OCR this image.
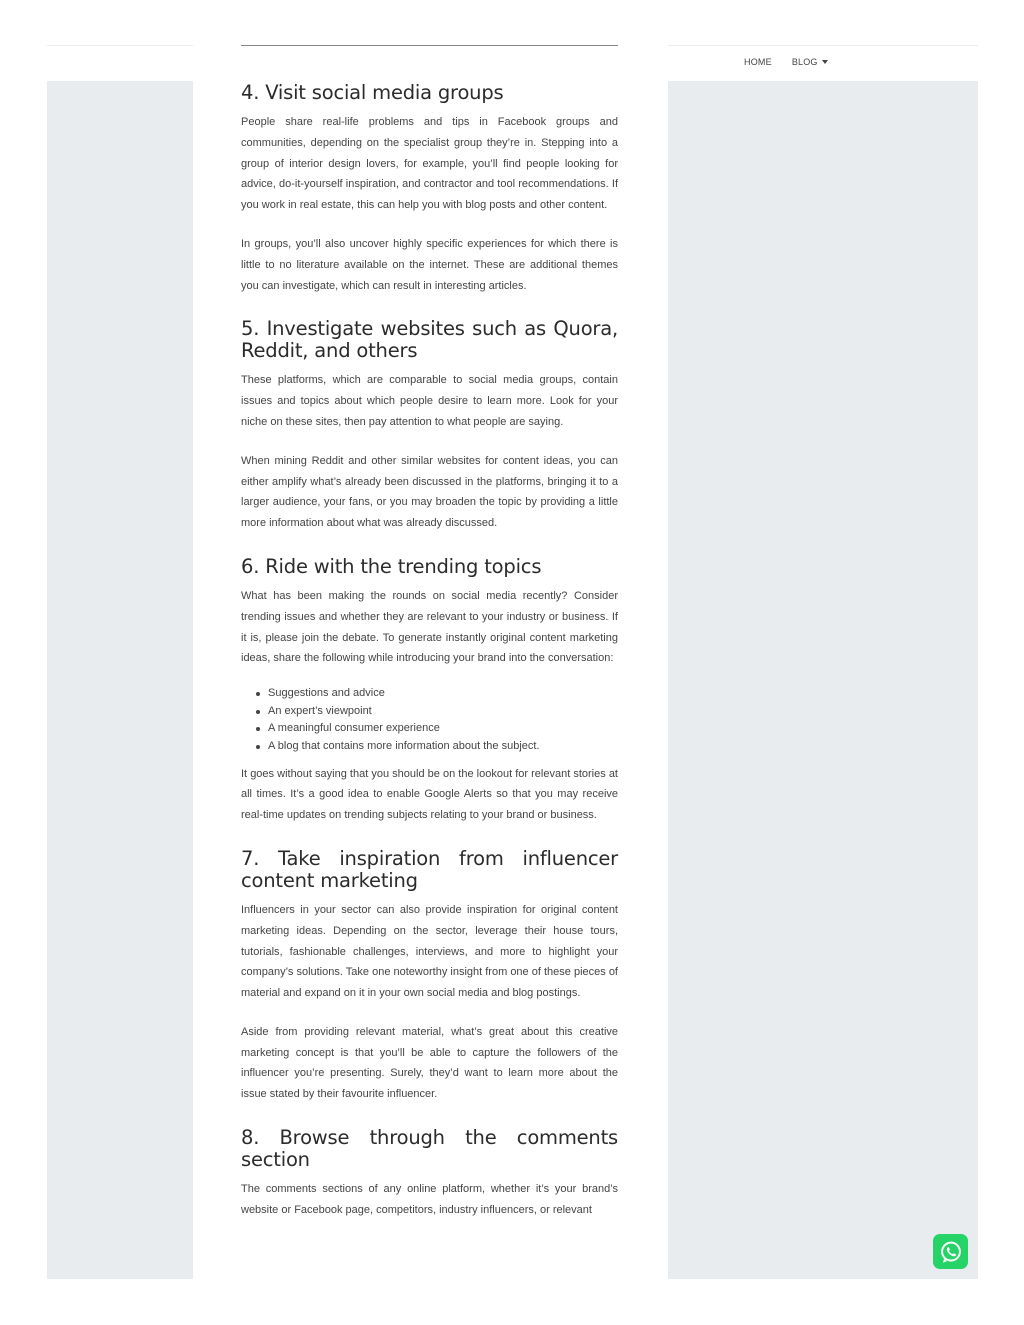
HOME BLOG
4. Visit social media groups

People share real-life problems and tips in Facebook groups and communities, depending on the specialist group they’re in. Stepping into a group of interior design lovers, for example, you’ll find people looking for advice, do-it-yourself inspiration, and contractor and tool recommendations. If you work in real estate, this can help you with blog posts and other content.

In groups, you’ll also uncover highly specific experiences for which there is little to no literature available on the internet. These are additional themes you can investigate, which can result in interesting articles.

5. Investigate websites such as Quora, Reddit, and others

These platforms, which are comparable to social media groups, contain issues and topics about which people desire to learn more. Look for your niche on these sites, then pay attention to what people are saying.

When mining Reddit and other similar websites for content ideas, you can either amplify what’s already been discussed in the platforms, bringing it to a larger audience, your fans, or you may broaden the topic by providing a little more information about what was already discussed.

6. Ride with the trending topics

What has been making the rounds on social media recently? Consider trending issues and whether they are relevant to your industry or business. If it is, please join the debate. To generate instantly original content marketing ideas, share the following while introducing your brand into the conversation:

Suggestions and advice
An expert’s viewpoint
A meaningful consumer experience
A blog that contains more information about the subject.

It goes without saying that you should be on the lookout for relevant stories at all times. It’s a good idea to enable Google Alerts so that you may receive real-time updates on trending subjects relating to your brand or business.

7. Take inspiration from influencer content marketing

Influencers in your sector can also provide inspiration for original content marketing ideas. Depending on the sector, leverage their house tours, tutorials, fashionable challenges, interviews, and more to highlight your company’s solutions. Take one noteworthy insight from one of these pieces of material and expand on it in your own social media and blog postings.

Aside from providing relevant material, what’s great about this creative marketing concept is that you’ll be able to capture the followers of the influencer you’re presenting. Surely, they’d want to learn more about the issue stated by their favourite influencer.

8. Browse through the comments section

The comments sections of any online platform, whether it’s your brand’s website or Facebook page, competitors, industry influencers, or relevant
